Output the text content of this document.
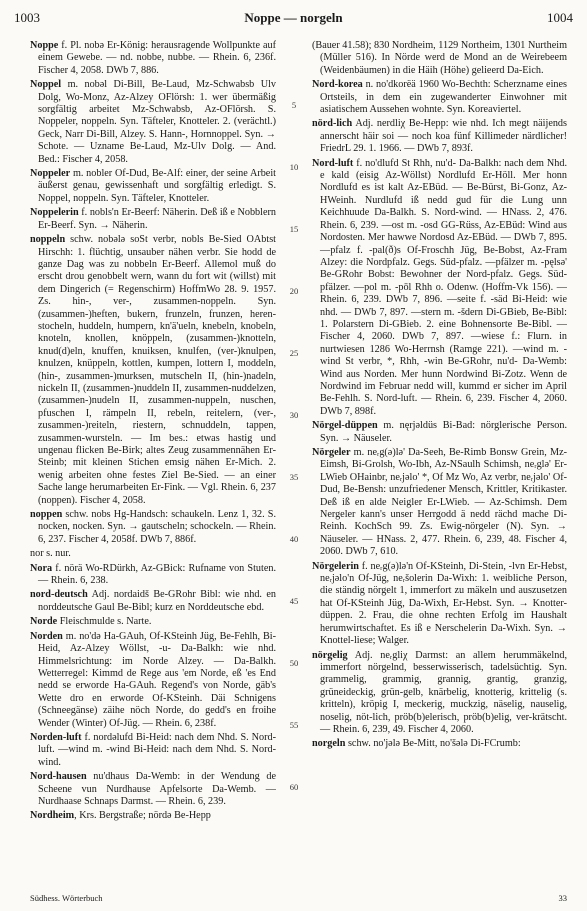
1003	Noppe — norgeln	1004

Noppe f. Pl. nobə Er-König: herausragende Wollpunkte auf einem Gewebe. — nd. nobbe, nubbe. — Rhein. 6, 236f. Fischer 4, 2058. DWb 7, 886.

Noppel m. nobəl Di-Bill, Be-Laud, Mz-Schwabsb Ulv Dolg, Wo-Monz, Az-Alzey OFlörsh: 1. wer übermäßig sorgfältig arbeitet Mz-Schwabsb, Az-OFlörsh. S. Noppeler, noppeln. Syn. Täfteler, Knotteler. 2. (verächtl.) Geck, Narr Di-Bill, Alzey. S. Hann-, Hornnoppel. Syn. → Schote. — Uzname Be-Laud, Mz-Ulv Dolg. — And. Bed.: Fischer 4, 2058.

Noppeler m. nobler Of-Dud, Be-Alf: einer, der seine Arbeit äußerst genau, gewissenhaft und sorgfältig erledigt. S. Noppel, noppeln. Syn. Täfteler, Knotteler.

Noppelerin f. nobls'n Er-Beerf: Näherin. Deß iß e Nobblern Er-Beerf. Syn. → Näherin.

noppeln schw. nobələ soSt verbr, nobls Be-Sied OAbtst Hirschh: 1. flüchtig, unsauber nähen verbr. Sie hodd de ganze Dag was zu nobbeln Er-Beerf. Allemol muß do erscht drou genobbelt wern, wann du fort wit (willst) mit dem Dingerich (= Regenschirm) HoffmWo 28. 9. 1957. Zs. hin-, ver-, zusammen-noppeln. Syn. (zusammen-)heften, bukern, frunzeln, frunzen, heren-stocheln, huddeln, humpern, kn'ä'ueln, knebeln, knobeln, knoteln, knollen, knöppeln, (zusammen-)knotteln, knud(d)eln, knuffen, knuiksen, knulfen, (ver-)knulpen, knulzen, knüppeln, kottlen, kumpen, lottern I, moddeln, (hin-, zusammen-)murksen, mutscheln II, (hin-)nadeln, nickeln II, (zusammen-)nuddeln II, zusammen-nuddelzen, (zusammen-)nudeln II, zusammen-nuppeln, nuschen, pfuschen I, rämpeln II, rebeln, reitelern, (ver-, zusammen-)reiteln, riestern, schnuddeln, tappen, zusammen-wursteln. — Im bes.: etwas hastig und ungenau flicken Be-Birk; altes Zeug zusammennähen Er-Steinb; mit kleinen Stichen emsig nähen Er-Mich. 2. wenig arbeiten ohne festes Ziel Be-Sied. — an einer Sache lange herumarbeiten Er-Fink. — Vgl. Rhein. 6, 237 (noppen). Fischer 4, 2058.

noppen schw. nobs Hg-Handsch: schaukeln. Lenz 1, 32. S. nocken, nocken. Syn. → gautscheln; schockeln. — Rhein. 6, 237. Fischer 4, 2058f. DWb 7, 886f.

nor s. nur.

Nora f. nörä Wo-RDürkh, Az-GBick: Rufname von Stuten. — Rhein. 6, 238.

nord-deutsch Adj. nordaidš Be-GRohr Bibl: wie nhd. en norddeutsche Gaul Be-Bibl; kurz en Norddeutsche ebd.

Norde Fleischmulde s. Narte.

Norden m. no'də Ha-GAuh, Of-KSteinh Jüg, Be-Fehlh, Bi-Heid, Az-Alzey Wöllst, -u- Da-Balkh: wie nhd. Himmelsrichtung: im Norde Alzey. — Da-Balkh. Wetterregel: Kimmd de Rege aus 'em Norde, eß 'es End nedd se erworde Ha-GAuh. Regend's von Norde, gäb's Wette dro en erworde Of-KSteinh. Däi Schnigens (Schneegänse) zäihe nöch Norde, do gedd's en froihe Wender (Winter) Of-Jüg. — Rhein. 6, 238f.

Norden-luft f. nordəlufd Bi-Heid: nach dem Nhd. S. Nord-luft. —wind m. -wind Bi-Heid: nach dem Nhd. S. Nord-wind.

Nord-hausen nu'dhaus Da-Wemb: in der Wendung de Scheene vun Nurdhause Apfelsorte Da-Wemb. — Nurdhaase Schnaps Darmst. — Rhein. 6, 239.

Nordheim, Krs. Bergstraße; nördə Be-Hepp

(Bauer 41.58); 830 Nordheim, 1129 Northeim, 1301 Nurtheim (Müller 516). In Nörde werd de Mond an de Weirebeem (Weidenbäumen) in die Häih (Höhe) gelieerd Da-Eich.

Nord-korea n. no'dkorëä 1960 Wo-Bechth: Scherzname eines Ortsteils, in dem ein zugewanderter Einwohner mit asiatischem Aussehen wohnte. Syn. Koreaviertel.

nörd-lich Adj. nerdliχ Be-Hepp: wie nhd. Ich megt näijends annerscht häir soi — noch koa fünf Killimeder närdlicher! FriedrL 29. 1. 1966. — DWb 7, 893f.

Nord-luft f. no'dlufd St Rhh, nu'd- Da-Balkh: nach dem Nhd. e kald (eisig Az-Wöllst) Nordlufd Er-Höll. Mer honn Nordlufd es ist kalt Az-EBüd. — Be-Bürst, Bi-Gonz, Az-HWeinh. Nurdlufd iß nedd gud für die Lung unn Keichhuude Da-Balkh. S. Nord-wind. — HNass. 2, 476. Rhein. 6, 239. —ost m. -osd GG-Rüss, Az-EBüd: Wind aus Nordosten. Mer hawwe Nordosd Az-EBüd. — DWb 7, 895. —pfalz f. -pal(ð)s Of-Froschh Jüg, Be-Bobst, Az-Fram Alzey: die Nordpfalz. Gegs. Süd-pfalz. —pfälzer m. -pęlsə' Be-GRohr Bobst: Bewohner der Nord-pfalz. Gegs. Süd-pfälzer. —pol m. -pōl Rhh o. Odenw. (Hoffm-Vk 156). — Rhein. 6, 239. DWb 7, 896. —seite f. -säd Bi-Heid: wie nhd. — DWb 7, 897. —stern m. -šdern Di-GBieb, Be-Bibl: 1. Polarstern Di-GBieb. 2. eine Bohnensorte Be-Bibl. — Fischer 4, 2060. DWb 7, 897. —wiese f.: Flurn. in nurtwiesen 1286 Wo-Herrnsh (Ramge 221). —wind m. -wind St verbr, *, Rhh, -win Be-GRohr, nu'd- Da-Wemb: Wind aus Norden. Mer hunn Nordwind Bi-Zotz. Wenn de Nordwind im Februar nedd will, kummd er sicher im April Be-Fehlh. S. Nord-luft. — Rhein. 6, 239. Fischer 4, 2060. DWb 7, 898f.

Nörgel-düppen m. nęrjəldüs Bi-Bad: nörglerische Person. Syn. → Näuseler.

Nörgeler m. neᵣg(ə)lə' Da-Seeh, Be-Rimb Bonsw Grein, Mz-Eimsh, Bi-Grolsh, Wo-Ibh, Az-NSaulh Schimsh, neᵣglə' Er-LWieb OHainbr, neᵣjəlo' *, Of Mz Wo, Az verbr, neᵣjəlo' Of-Dud, Be-Bensh: unzufriedener Mensch, Krittler, Kritikaster. Deß iß en alde Neigler Er-LWieb. — Az-Schimsh. Dem Nergeler kann's unser Herrgodd ä nedd rächd mache Di-Reinh. KochSch 99. Zs. Ewig-nörgeler (N). Syn. → Näuseler. — HNass. 2, 477. Rhein. 6, 239, 48. Fischer 4, 2060. DWb 7, 610.

Nörgelerin f. neᵣg(ə)lə'n Of-KSteinh, Di-Stein, -lvn Er-Hebst, neᵣjəlo'n Of-Jüg, neᵣšolerin Da-Wixh: 1. weibliche Person, die ständig nörgelt 1, immerfort zu mäkeln und auszusetzen hat Of-KSteinh Jüg, Da-Wixh, Er-Hebst. Syn. → Knotter-düppen. 2. Frau, die ohne rechten Erfolg im Haushalt herumwirtschaftet. Es iß e Nerschelerin Da-Wixh. Syn. → Knottel-liese; Walger.

nörgelig Adj. neᵣgliχ Darmst: an allem herummäkelnd, immerfort nörgelnd, besserwisserisch, tadelsüchtig. Syn. grammelig, grammig, grannig, grantig, granzig, grüneideckig, grün-gelb, knärbelig, knotterig, krittelig (s. kritteln), kröpig I, meckerig, muckzig, näselig, nauselig, noselig, nöt-lich, pröb(b)elerisch, pröb(b)elig, ver-krätscht. — Rhein. 6, 239, 49. Fischer 4, 2060.

norgeln schw. no'jələ Be-Mitt, no'šələ Di-FCrumb:

5
10
15
20
25
30
35
40
45
50
55
60
Südhess. Wörterbuch	33
